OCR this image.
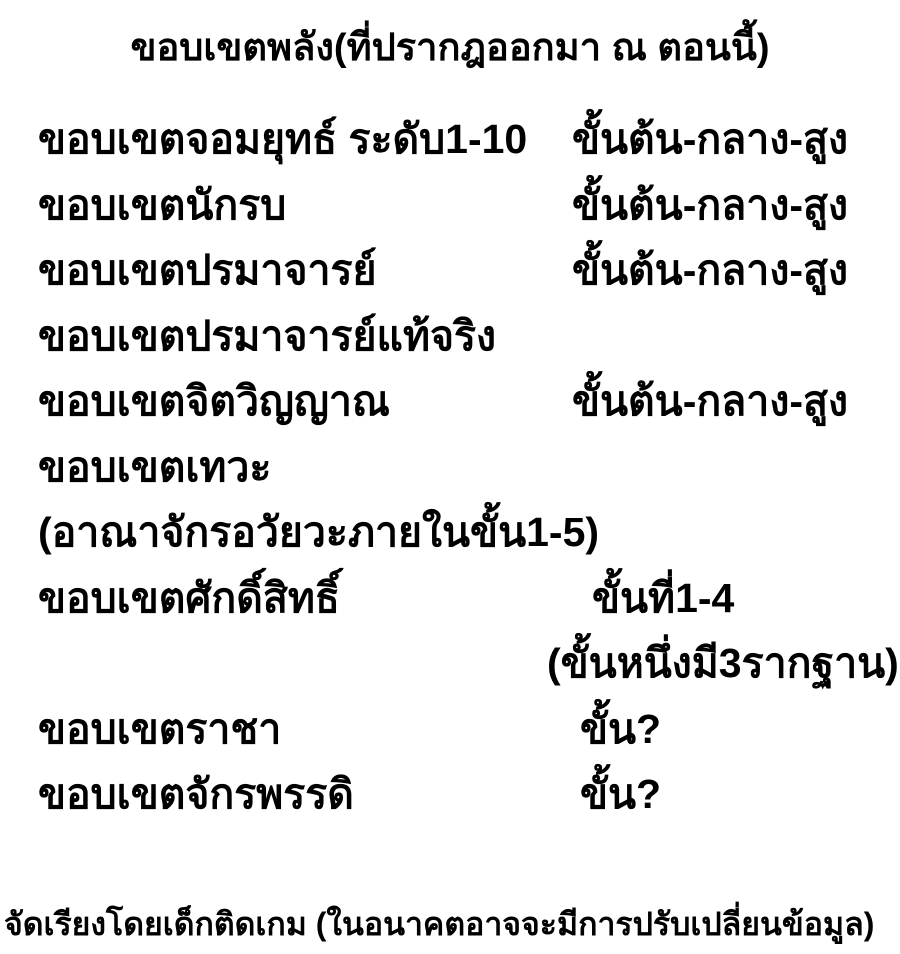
ขอบเขตพลัง(ที่ปรากฎออกมา ณ ตอนนี้)
ขอบเขตจอมยุทธ์ ระดับ1-10 ขั้นต้น-กลาง-สูง
ขอบเขตนักรบ	ขั้นต้น-กลาง-สูง
ขอบเขตปรมาจารย์	ขั้นต้น-กลาง-สูง
ขอบเขตปรมาจารย์แท้จริง
ขอบเขตจิตวิญญาณ	ขั้นต้น-กลาง-สูง
ขอบเขตเทวะ
(อาณาจักรอวัยวะภายในขั้น1-5)
ขอบเขตศักดิ์สิทธิ์	ขั้นที่1-4
(ขั้นหนึ่งมี3รากฐาน)
ขอบเขตราชา	ขั้น?
ขอบเขตจักรพรรดิ	ขั้น?
จัดเรียงโดยเด็กติดเกม (ในอนาคตอาจจะมีการปรับเปลี่ยนข้อมูล)
